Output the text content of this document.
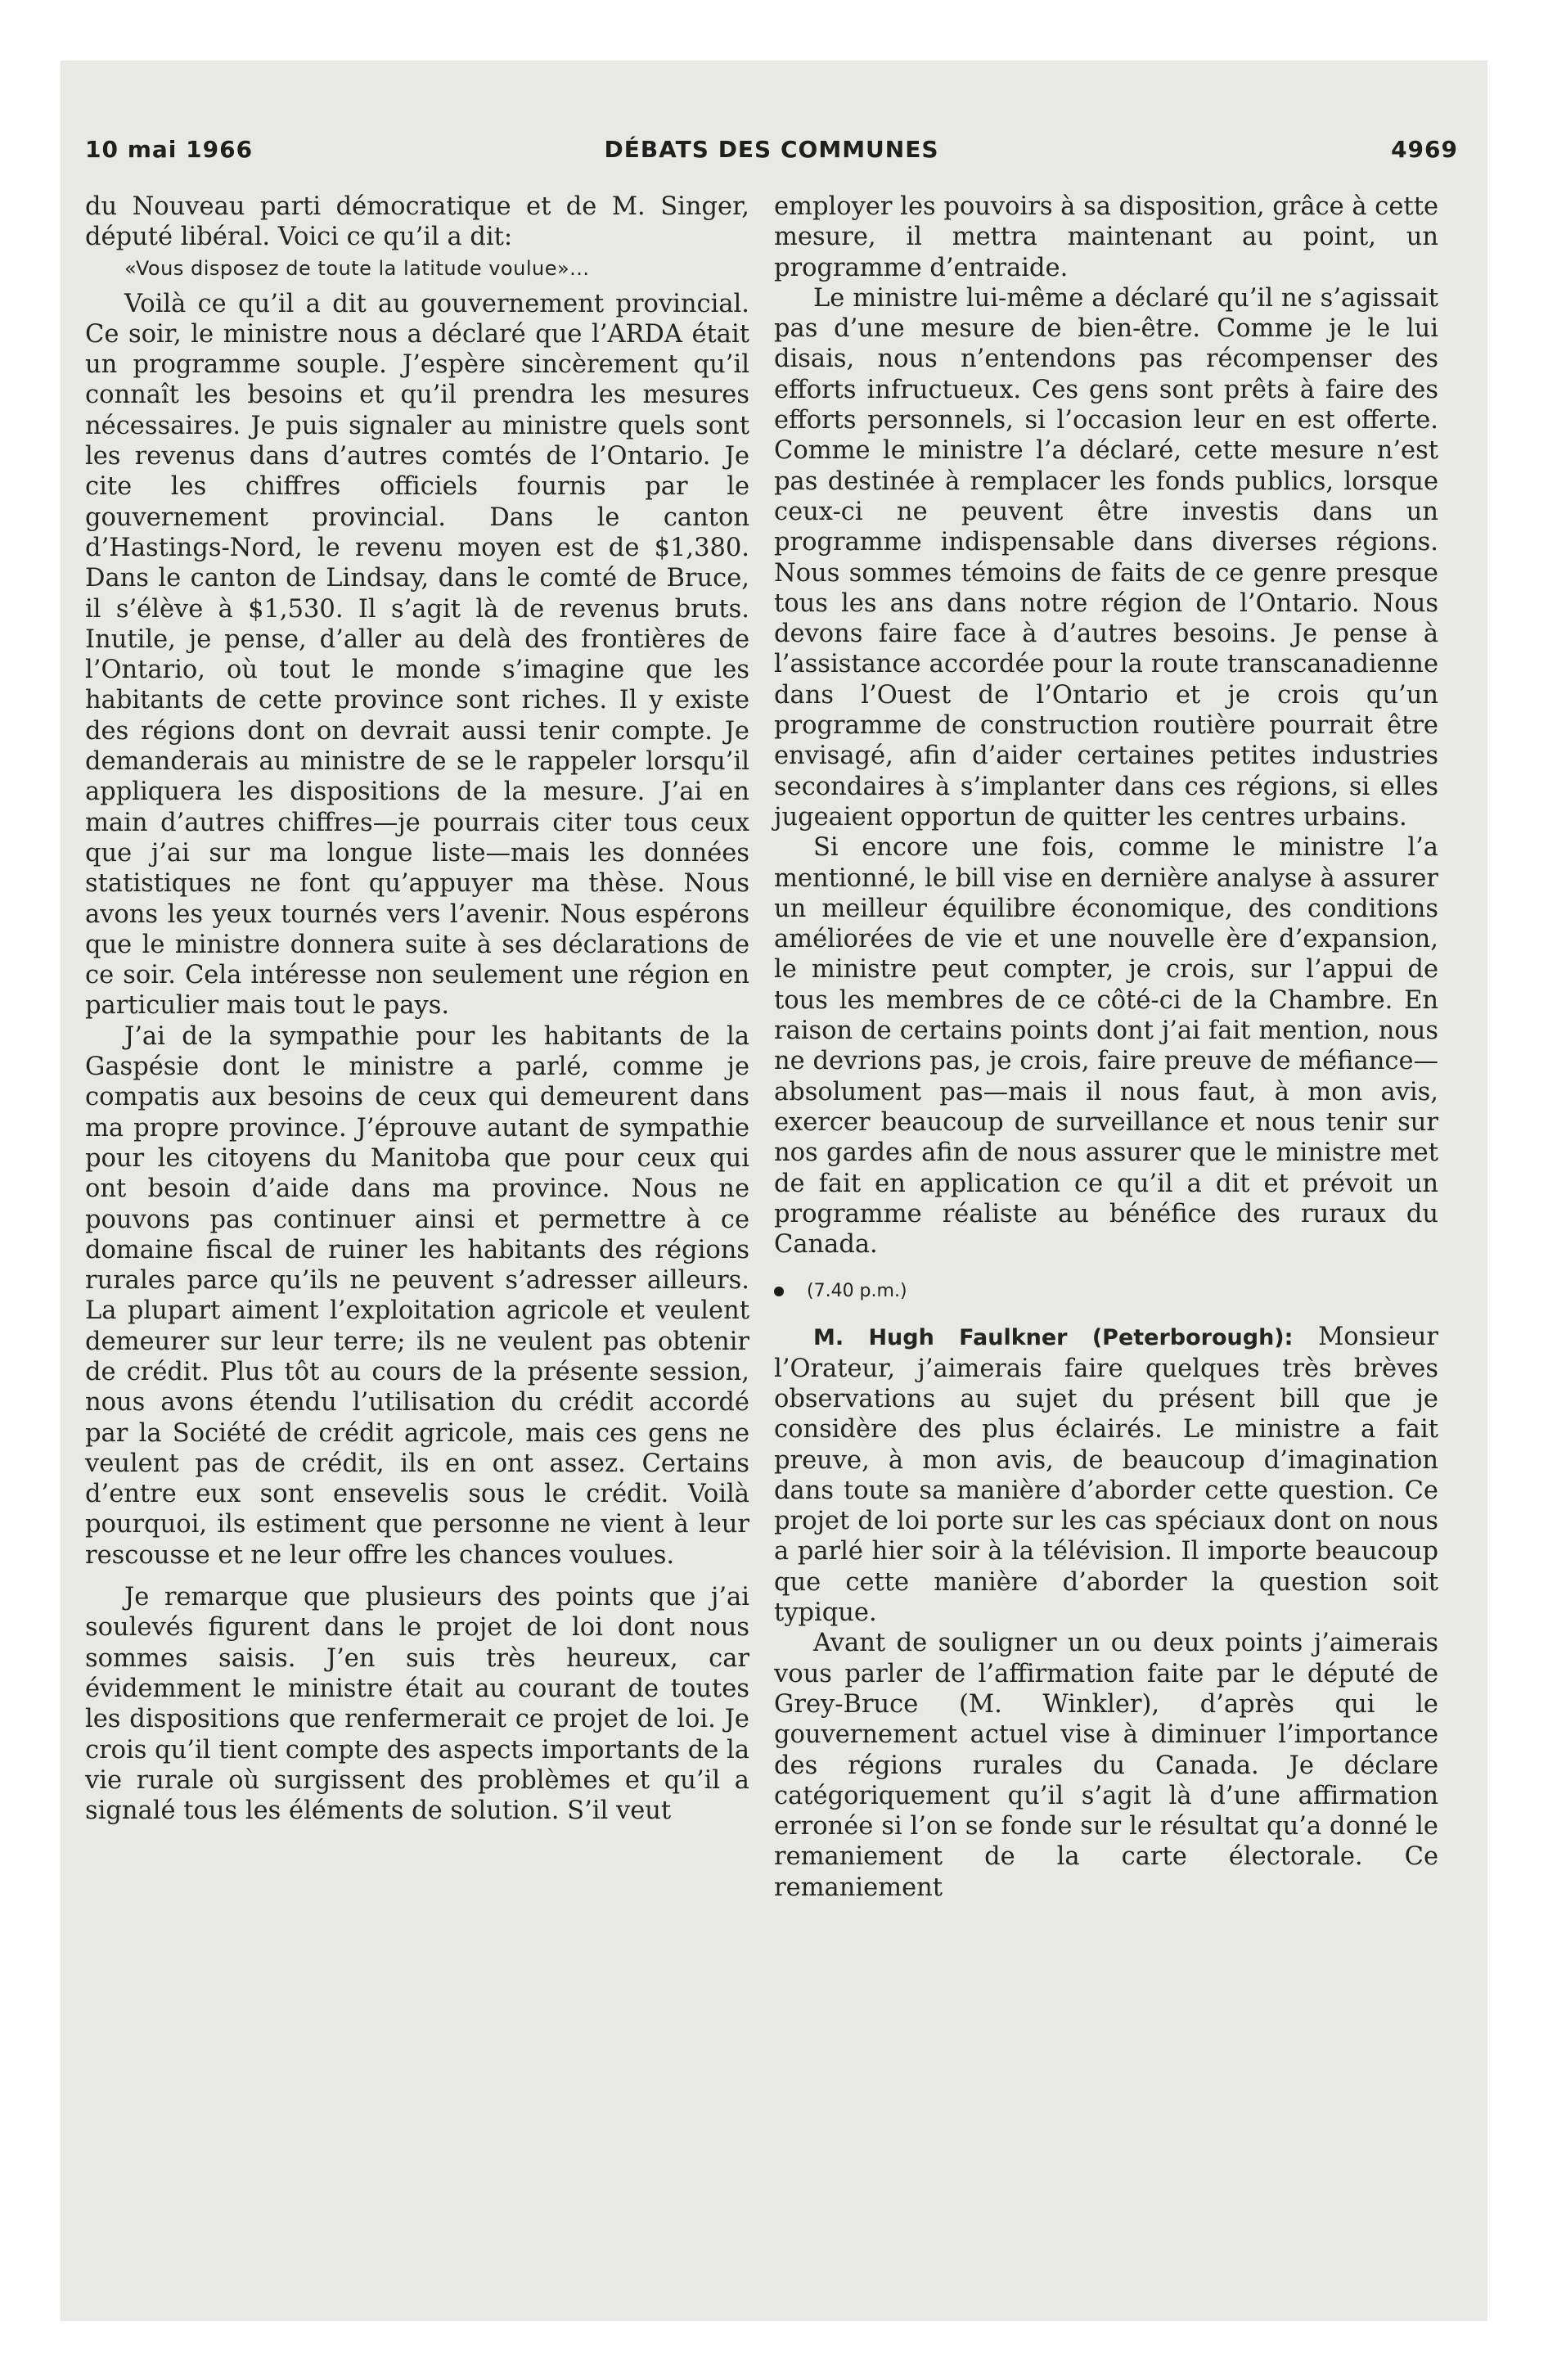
10 mai 1966	DÉBATS DES COMMUNES	4969

du Nouveau parti démocratique et de M. Singer, député libéral. Voici ce qu’il a dit:

«Vous disposez de toute la latitude voulue»...

Voilà ce qu’il a dit au gouvernement provincial. Ce soir, le ministre nous a déclaré que l’ARDA était un programme souple. J’espère sincèrement qu’il connaît les besoins et qu’il prendra les mesures nécessaires. Je puis signaler au ministre quels sont les revenus dans d’autres comtés de l’Ontario. Je cite les chiffres officiels fournis par le gouvernement provincial. Dans le canton d’Hastings-Nord, le revenu moyen est de $1,380. Dans le canton de Lindsay, dans le comté de Bruce, il s’élève à $1,530. Il s’agit là de revenus bruts. Inutile, je pense, d’aller au delà des frontières de l’Ontario, où tout le monde s’imagine que les habitants de cette province sont riches. Il y existe des régions dont on devrait aussi tenir compte. Je demanderais au ministre de se le rappeler lorsqu’il appliquera les dispositions de la mesure. J’ai en main d’autres chiffres—je pourrais citer tous ceux que j’ai sur ma longue liste—mais les données statistiques ne font qu’appuyer ma thèse. Nous avons les yeux tournés vers l’avenir. Nous espérons que le ministre donnera suite à ses déclarations de ce soir. Cela intéresse non seulement une région en particulier mais tout le pays.

J’ai de la sympathie pour les habitants de la Gaspésie dont le ministre a parlé, comme je compatis aux besoins de ceux qui demeurent dans ma propre province. J’éprouve autant de sympathie pour les citoyens du Manitoba que pour ceux qui ont besoin d’aide dans ma province. Nous ne pouvons pas continuer ainsi et permettre à ce domaine fiscal de ruiner les habitants des régions rurales parce qu’ils ne peuvent s’adresser ailleurs. La plupart aiment l’exploitation agricole et veulent demeurer sur leur terre; ils ne veulent pas obtenir de crédit. Plus tôt au cours de la présente session, nous avons étendu l’utilisation du crédit accordé par la Société de crédit agricole, mais ces gens ne veulent pas de crédit, ils en ont assez. Certains d’entre eux sont ensevelis sous le crédit. Voilà pourquoi, ils estiment que personne ne vient à leur rescousse et ne leur offre les chances voulues.

Je remarque que plusieurs des points que j’ai soulevés figurent dans le projet de loi dont nous sommes saisis. J’en suis très heureux, car évidemment le ministre était au courant de toutes les dispositions que renfermerait ce projet de loi. Je crois qu’il tient compte des aspects importants de la vie rurale où surgissent des problèmes et qu’il a signalé tous les éléments de solution. S’il veut

employer les pouvoirs à sa disposition, grâce à cette mesure, il mettra maintenant au point, un programme d’entraide.

Le ministre lui-même a déclaré qu’il ne s’agissait pas d’une mesure de bien-être. Comme je le lui disais, nous n’entendons pas récompenser des efforts infructueux. Ces gens sont prêts à faire des efforts personnels, si l’occasion leur en est offerte. Comme le ministre l’a déclaré, cette mesure n’est pas destinée à remplacer les fonds publics, lorsque ceux-ci ne peuvent être investis dans un programme indispensable dans diverses régions. Nous sommes témoins de faits de ce genre presque tous les ans dans notre région de l’Ontario. Nous devons faire face à d’autres besoins. Je pense à l’assistance accordée pour la route transcanadienne dans l’Ouest de l’Ontario et je crois qu’un programme de construction routière pourrait être envisagé, afin d’aider certaines petites industries secondaires à s’implanter dans ces régions, si elles jugeaient opportun de quitter les centres urbains.

Si encore une fois, comme le ministre l’a mentionné, le bill vise en dernière analyse à assurer un meilleur équilibre économique, des conditions améliorées de vie et une nouvelle ère d’expansion, le ministre peut compter, je crois, sur l’appui de tous les membres de ce côté-ci de la Chambre. En raison de certains points dont j’ai fait mention, nous ne devrions pas, je crois, faire preuve de méfiance—absolument pas—mais il nous faut, à mon avis, exercer beaucoup de surveillance et nous tenir sur nos gardes afin de nous assurer que le ministre met de fait en application ce qu’il a dit et prévoit un programme réaliste au bénéfice des ruraux du Canada.

(7.40 p.m.)

M. Hugh Faulkner (Peterborough): Monsieur l’Orateur, j’aimerais faire quelques très brèves observations au sujet du présent bill que je considère des plus éclairés. Le ministre a fait preuve, à mon avis, de beaucoup d’imagination dans toute sa manière d’aborder cette question. Ce projet de loi porte sur les cas spéciaux dont on nous a parlé hier soir à la télévision. Il importe beaucoup que cette manière d’aborder la question soit typique.

Avant de souligner un ou deux points j’aimerais vous parler de l’affirmation faite par le député de Grey-Bruce (M. Winkler), d’après qui le gouvernement actuel vise à diminuer l’importance des régions rurales du Canada. Je déclare catégoriquement qu’il s’agit là d’une affirmation erronée si l’on se fonde sur le résultat qu’a donné le remaniement de la carte électorale. Ce remaniement
